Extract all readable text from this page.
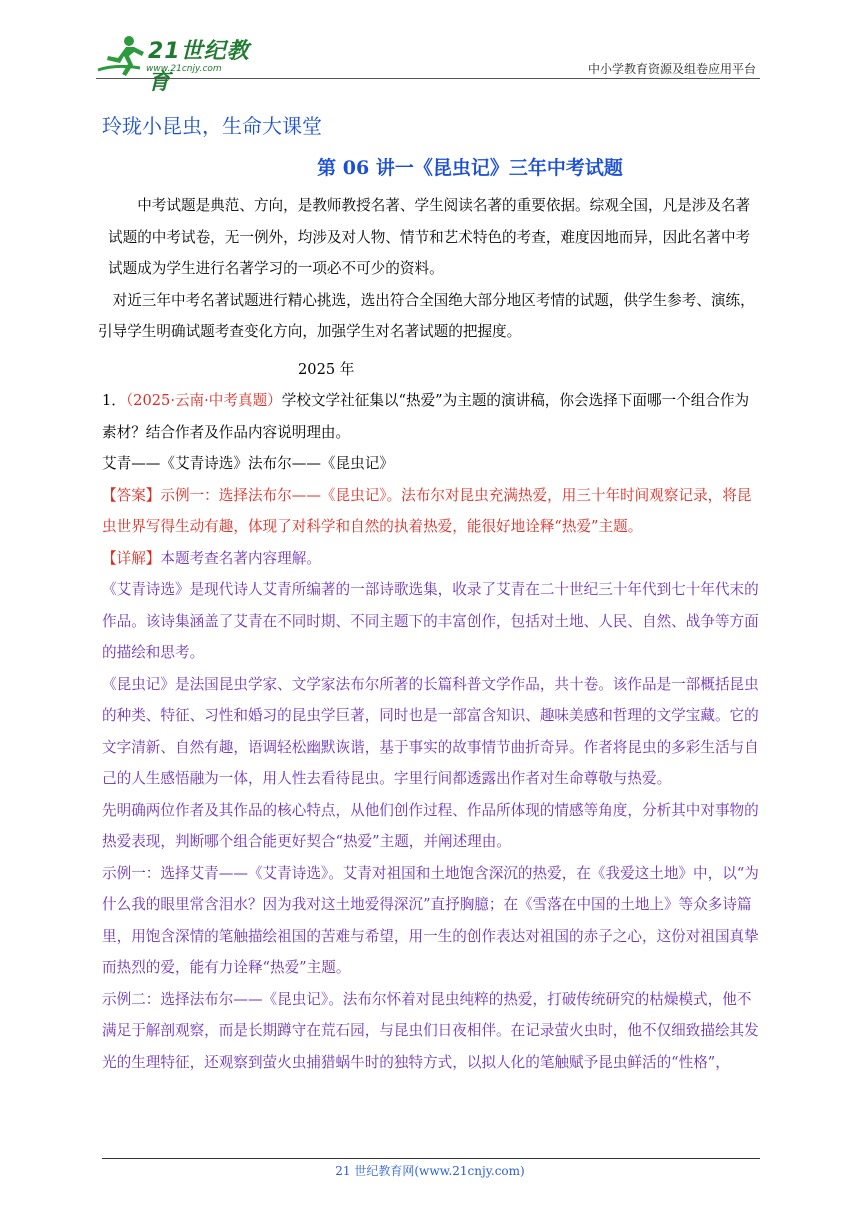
21世纪教育
www.21cnjy.com	中小学教育资源及组卷应用平台
玲珑小昆虫，生命大课堂
第 06 讲一《昆虫记》三年中考试题

中考试题是典范、方向，是教师教授名著、学生阅读名著的重要依据。综观全国，凡是涉及名著试题的中考试卷，无一例外，均涉及对人物、情节和艺术特色的考查，难度因地而异，因此名著中考试题成为学生进行名著学习的一项必不可少的资料。

对近三年中考名著试题进行精心挑选，选出符合全国绝大部分地区考情的试题，供学生参考、演练，引导学生明确试题考查变化方向，加强学生对名著试题的把握度。

2025 年

1．（2025·云南·中考真题）学校文学社征集以“热爱”为主题的演讲稿，你会选择下面哪一个组合作为素材？结合作者及作品内容说明理由。

艾青——《艾青诗选》法布尔——《昆虫记》

【答案】示例一：选择法布尔——《昆虫记》。法布尔对昆虫充满热爱，用三十年时间观察记录，将昆虫世界写得生动有趣，体现了对科学和自然的执着热爱，能很好地诠释“热爱”主题。

【详解】本题考查名著内容理解。

《艾青诗选》是现代诗人艾青所编著的一部诗歌选集，收录了艾青在二十世纪三十年代到七十年代末的作品。该诗集涵盖了艾青在不同时期、不同主题下的丰富创作，包括对土地、人民、自然、战争等方面的描绘和思考。

《昆虫记》是法国昆虫学家、文学家法布尔所著的长篇科普文学作品，共十卷。该作品是一部概括昆虫的种类、特征、习性和婚习的昆虫学巨著，同时也是一部富含知识、趣味美感和哲理的文学宝藏。它的文字清新、自然有趣，语调轻松幽默诙谐，基于事实的故事情节曲折奇异。作者将昆虫的多彩生活与自己的人生感悟融为一体，用人性去看待昆虫。字里行间都透露出作者对生命尊敬与热爱。

先明确两位作者及其作品的核心特点，从他们创作过程、作品所体现的情感等角度，分析其中对事物的热爱表现，判断哪个组合能更好契合“热爱”主题，并阐述理由。

示例一：选择艾青——《艾青诗选》。艾青对祖国和土地饱含深沉的热爱，在《我爱这土地》中，以“为什么我的眼里常含泪水？因为我对这土地爱得深沉”直抒胸臆；在《雪落在中国的土地上》等众多诗篇里，用饱含深情的笔触描绘祖国的苦难与希望，用一生的创作表达对祖国的赤子之心，这份对祖国真挚而热烈的爱，能有力诠释“热爱”主题。

示例二：选择法布尔——《昆虫记》。法布尔怀着对昆虫纯粹的热爱，打破传统研究的枯燥模式，他不满足于解剖观察，而是长期蹲守在荒石园，与昆虫们日夜相伴。在记录萤火虫时，他不仅细致描绘其发光的生理特征，还观察到萤火虫捕猎蜗牛时的独特方式，以拟人化的笔触赋予昆虫鲜活的“性格”，

21 世纪教育网(www.21cnjy.com)
